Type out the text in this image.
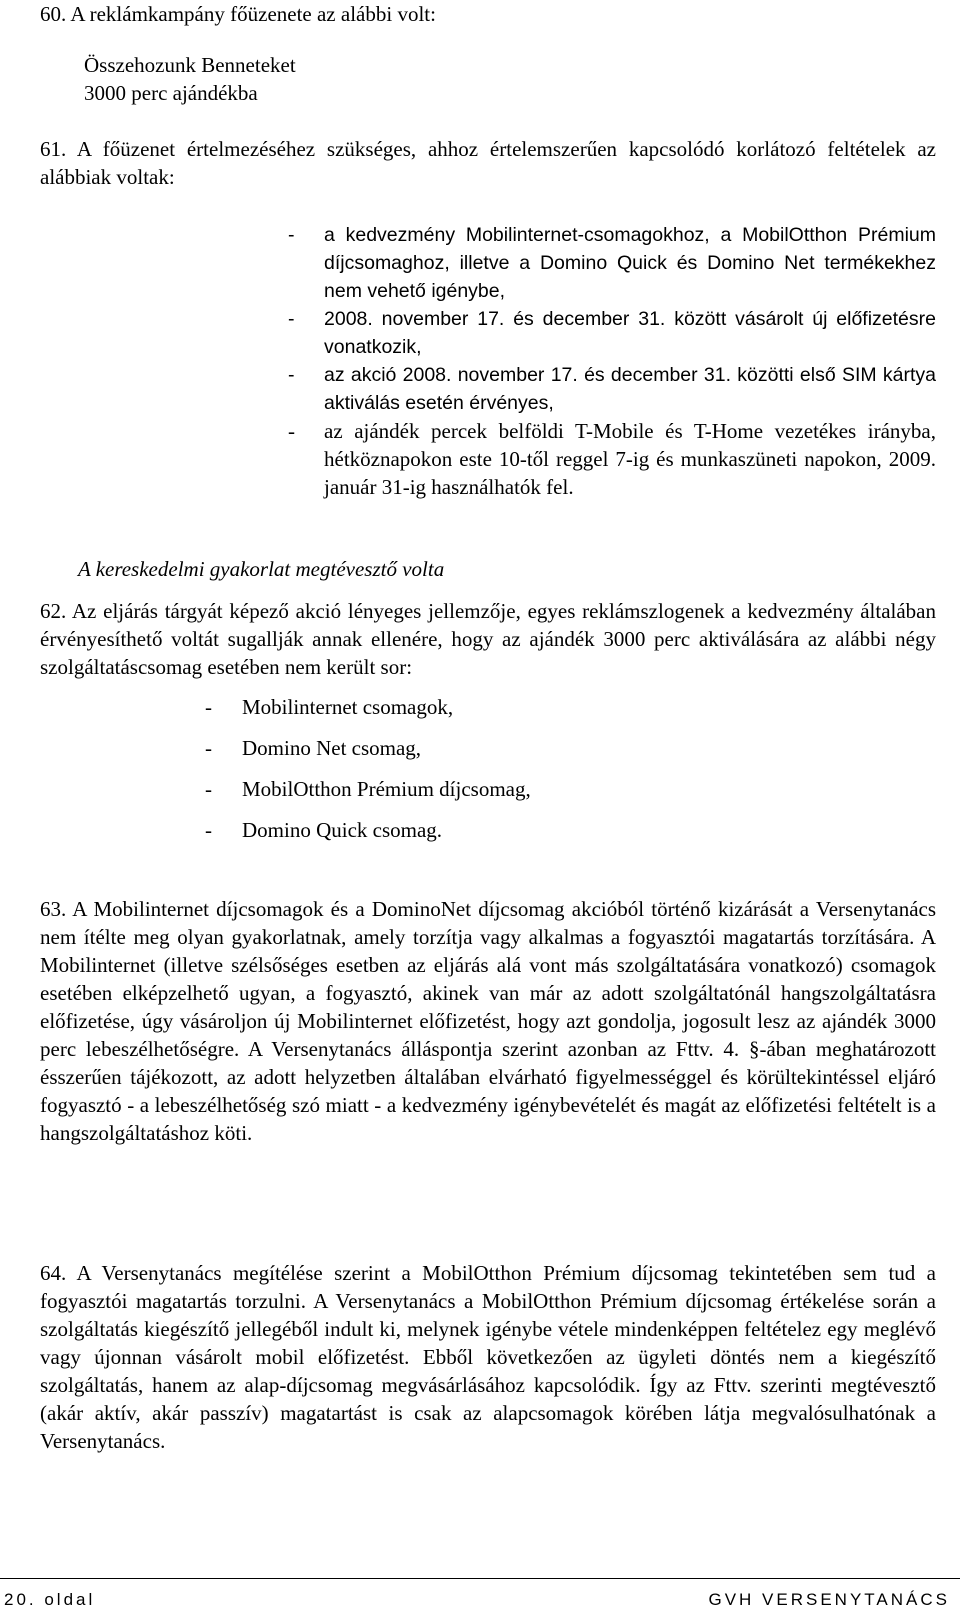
60. A reklámkampány főüzenete az alábbi volt:
Összehozunk Benneteket
3000 perc ajándékba
61. A főüzenet értelmezéséhez szükséges, ahhoz értelemszerűen kapcsolódó korlátozó feltételek az alábbiak voltak:
- a kedvezmény Mobilinternet-csomagokhoz, a MobilOtthon Prémium díjcsomaghoz, illetve a Domino Quick és Domino Net termékekhez nem vehető igénybe,
- 2008. november 17. és december 31. között vásárolt új előfizetésre vonatkozik,
- az akció 2008. november 17. és december 31. közötti első SIM kártya aktiválás esetén érvényes,
- az ajándék percek belföldi T-Mobile és T-Home vezetékes irányba, hétköznapokon este 10-től reggel 7-ig és munkaszüneti napokon, 2009. január 31-ig használhatók fel.
A kereskedelmi gyakorlat megtévesztő volta
62. Az eljárás tárgyát képező akció lényeges jellemzője, egyes reklámszlogenek a kedvezmény általában érvényesíthető voltát sugallják annak ellenére, hogy az ajándék 3000 perc aktiválására az alábbi négy szolgáltatáscsomag esetében nem került sor:
- Mobilinternet csomagok,
- Domino Net csomag,
- MobilOtthon Prémium díjcsomag,
- Domino Quick csomag.
63. A Mobilinternet díjcsomagok és a DominoNet díjcsomag akcióból történő kizárását a Versenytanács nem ítélte meg olyan gyakorlatnak, amely torzítja vagy alkalmas a fogyasztói magatartás torzítására. A Mobilinternet (illetve szélsőséges esetben az eljárás alá vont más szolgáltatására vonatkozó) csomagok esetében elképzelhető ugyan, a fogyasztó, akinek van már az adott szolgáltatónál hangszolgáltatásra előfizetése, úgy vásároljon új Mobilinternet előfizetést, hogy azt gondolja, jogosult lesz az ajándék 3000 perc lebeszélhetőségre. A Versenytanács álláspontja szerint azonban az Fttv. 4. §-ában meghatározott ésszerűen tájékozott, az adott helyzetben általában elvárható figyelmességgel és körültekintéssel eljáró fogyasztó - a lebeszélhetőség szó miatt - a kedvezmény igénybevételét és magát az előfizetési feltételt is a hangszolgáltatáshoz köti.
64. A Versenytanács megítélése szerint a MobilOtthon Prémium díjcsomag tekintetében sem tud a fogyasztói magatartás torzulni. A Versenytanács a MobilOtthon Prémium díjcsomag értékelése során a szolgáltatás kiegészítő jellegéből indult ki, melynek igénybe vétele mindenképpen feltételez egy meglévő vagy újonnan vásárolt mobil előfizetést. Ebből következően az ügyleti döntés nem a kiegészítő szolgáltatás, hanem az alap-díjcsomag megvásárlásához kapcsolódik. Így az Fttv. szerinti megtévesztő (akár aktív, akár passzív) magatartást is csak az alapcsomagok körében látja megvalósulhatónak a Versenytanács.
20. oldal	GVH VERSENYTANÁCS
